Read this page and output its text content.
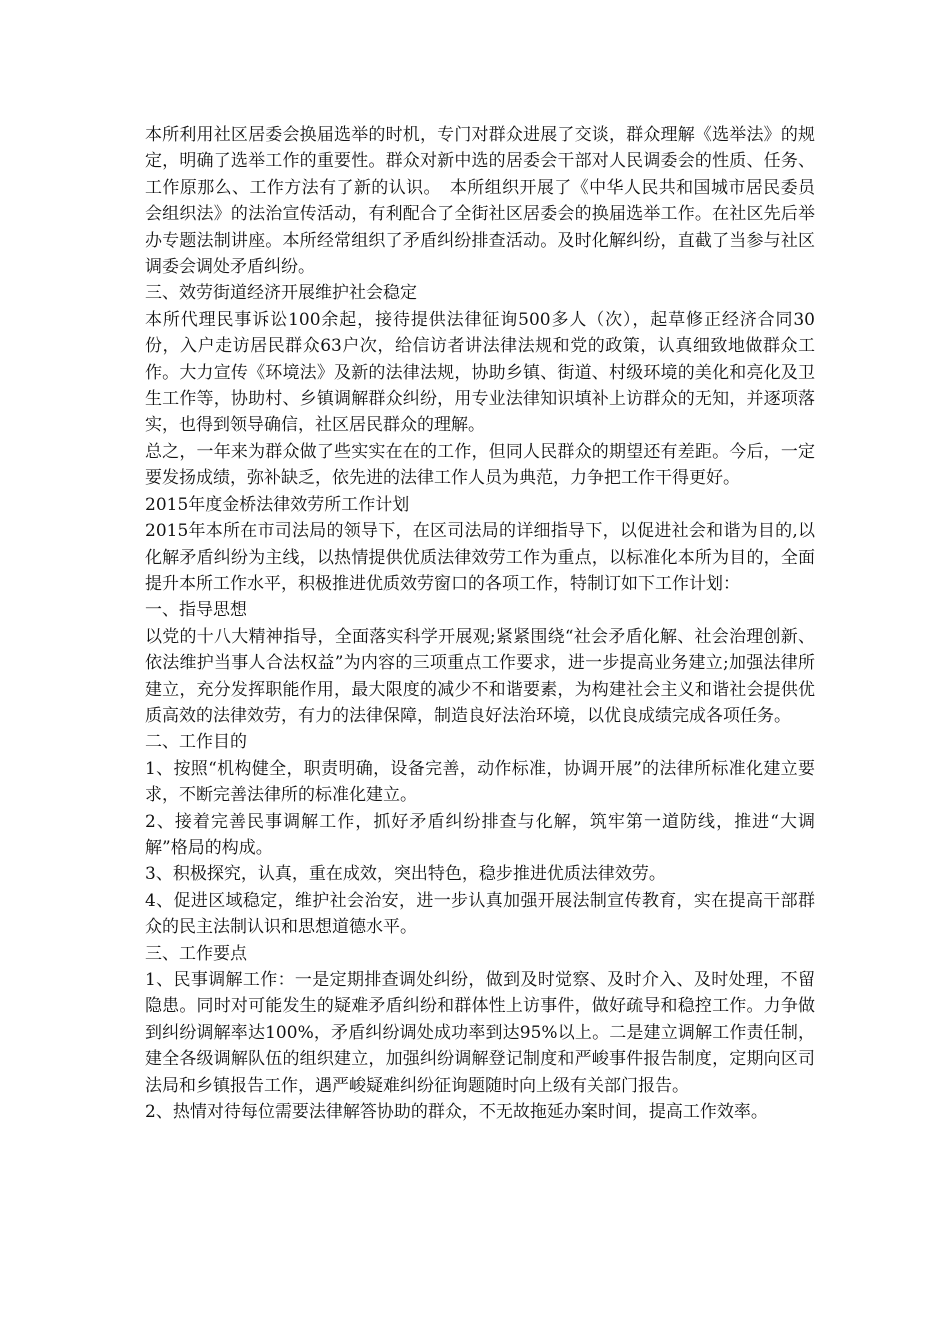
本所利用社区居委会换届选举的时机，专门对群众进展了交谈，群众理解《选举法》的规定，明确了选举工作的重要性。群众对新中选的居委会干部对人民调委会的性质、任务、工作原那么、工作方法有了新的认识。　本所组织开展了《中华人民共和国城市居民委员会组织法》的法治宣传活动，有利配合了全街社区居委会的换届选举工作。在社区先后举办专题法制讲座。本所经常组织了矛盾纠纷排查活动。及时化解纠纷，直截了当参与社区调委会调处矛盾纠纷。

三、效劳街道经济开展维护社会稳定

本所代理民事诉讼100余起，接待提供法律征询500多人（次），起草修正经济合同30份，入户走访居民群众63户次，给信访者讲法律法规和党的政策，认真细致地做群众工作。大力宣传《环境法》及新的法律法规，协助乡镇、街道、村级环境的美化和亮化及卫生工作等，协助村、乡镇调解群众纠纷，用专业法律知识填补上访群众的无知，并逐项落实，也得到领导确信，社区居民群众的理解。

总之，一年来为群众做了些实实在在的工作，但同人民群众的期望还有差距。今后，一定要发扬成绩，弥补缺乏，依先进的法律工作人员为典范，力争把工作干得更好。

2015年度金桥法律效劳所工作计划

2015年本所在市司法局的领导下，在区司法局的详细指导下，以促进社会和谐为目的,以化解矛盾纠纷为主线，以热情提供优质法律效劳工作为重点，以标准化本所为目的，全面提升本所工作水平，积极推进优质效劳窗口的各项工作，特制订如下工作计划：

一、指导思想

以党的十八大精神指导，全面落实科学开展观;紧紧围绕“社会矛盾化解、社会治理创新、依法维护当事人合法权益”为内容的三项重点工作要求，进一步提高业务建立;加强法律所建立，充分发挥职能作用，最大限度的减少不和谐要素，为构建社会主义和谐社会提供优质高效的法律效劳，有力的法律保障，制造良好法治环境，以优良成绩完成各项任务。

二、工作目的

1、按照“机构健全，职责明确，设备完善，动作标准，协调开展”的法律所标准化建立要求，不断完善法律所的标准化建立。

2、接着完善民事调解工作，抓好矛盾纠纷排查与化解，筑牢第一道防线，推进“大调解”格局的构成。

3、积极探究，认真，重在成效，突出特色，稳步推进优质法律效劳。

4、促进区域稳定，维护社会治安，进一步认真加强开展法制宣传教育，实在提高干部群众的民主法制认识和思想道德水平。

三、工作要点

1、民事调解工作：一是定期排查调处纠纷，做到及时觉察、及时介入、及时处理，不留隐患。同时对可能发生的疑难矛盾纠纷和群体性上访事件，做好疏导和稳控工作。力争做到纠纷调解率达100%，矛盾纠纷调处成功率到达95%以上。二是建立调解工作责任制，建全各级调解队伍的组织建立，加强纠纷调解登记制度和严峻事件报告制度，定期向区司法局和乡镇报告工作，遇严峻疑难纠纷征询题随时向上级有关部门报告。

2、热情对待每位需要法律解答协助的群众，不无故拖延办案时间，提高工作效率。
